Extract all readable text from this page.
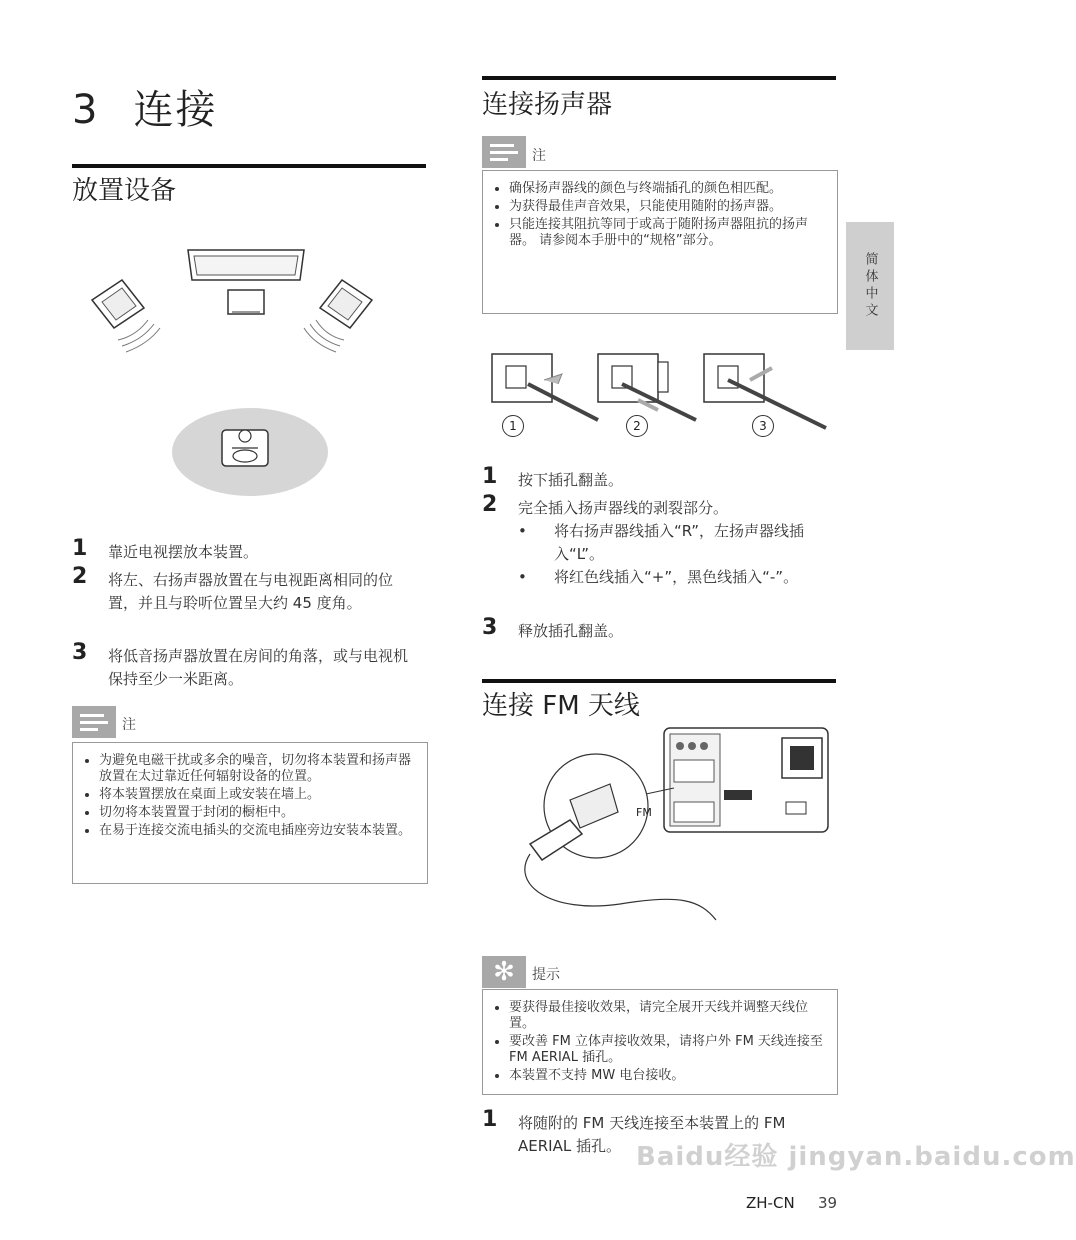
3 连接
简体中文
放置设备
1	靠近电视摆放本装置。
2	将左、右扬声器放置在与电视距离相同的位置，并且与聆听位置呈大约 45 度角。
3	将低音扬声器放置在房间的角落，或与电视机保持至少一米距离。
注
• 为避免电磁干扰或多余的噪音，切勿将本装置和扬声器放置在太过靠近任何辐射设备的位置。
• 将本装置摆放在桌面上或安装在墙上。
• 切勿将本装置置于封闭的橱柜中。
• 在易于连接交流电插头的交流电插座旁边安装本装置。
连接扬声器
注
• 确保扬声器线的颜色与终端插孔的颜色相匹配。
• 为获得最佳声音效果，只能使用随附的扬声器。
• 只能连接其阻抗等同于或高于随附扬声器阻抗的扬声器。 请参阅本手册中的“规格”部分。
1	2	3
1	按下插孔翻盖。
2	完全插入扬声器线的剥裂部分。
•	将右扬声器线插入“R”，左扬声器线插入“L”。
•	将红色线插入“+”，黑色线插入“-”。
3	释放插孔翻盖。
连接 FM 天线
FM
✻	提示
• 要获得最佳接收效果，请完全展开天线并调整天线位置。
• 要改善 FM 立体声接收效果，请将户外 FM 天线连接至 FM AERIAL 插孔。
• 本装置不支持 MW 电台接收。
1	将随附的 FM 天线连接至本装置上的 FM AERIAL 插孔。 Baidu经验 jingyan.baidu.com
ZH-CN 39
